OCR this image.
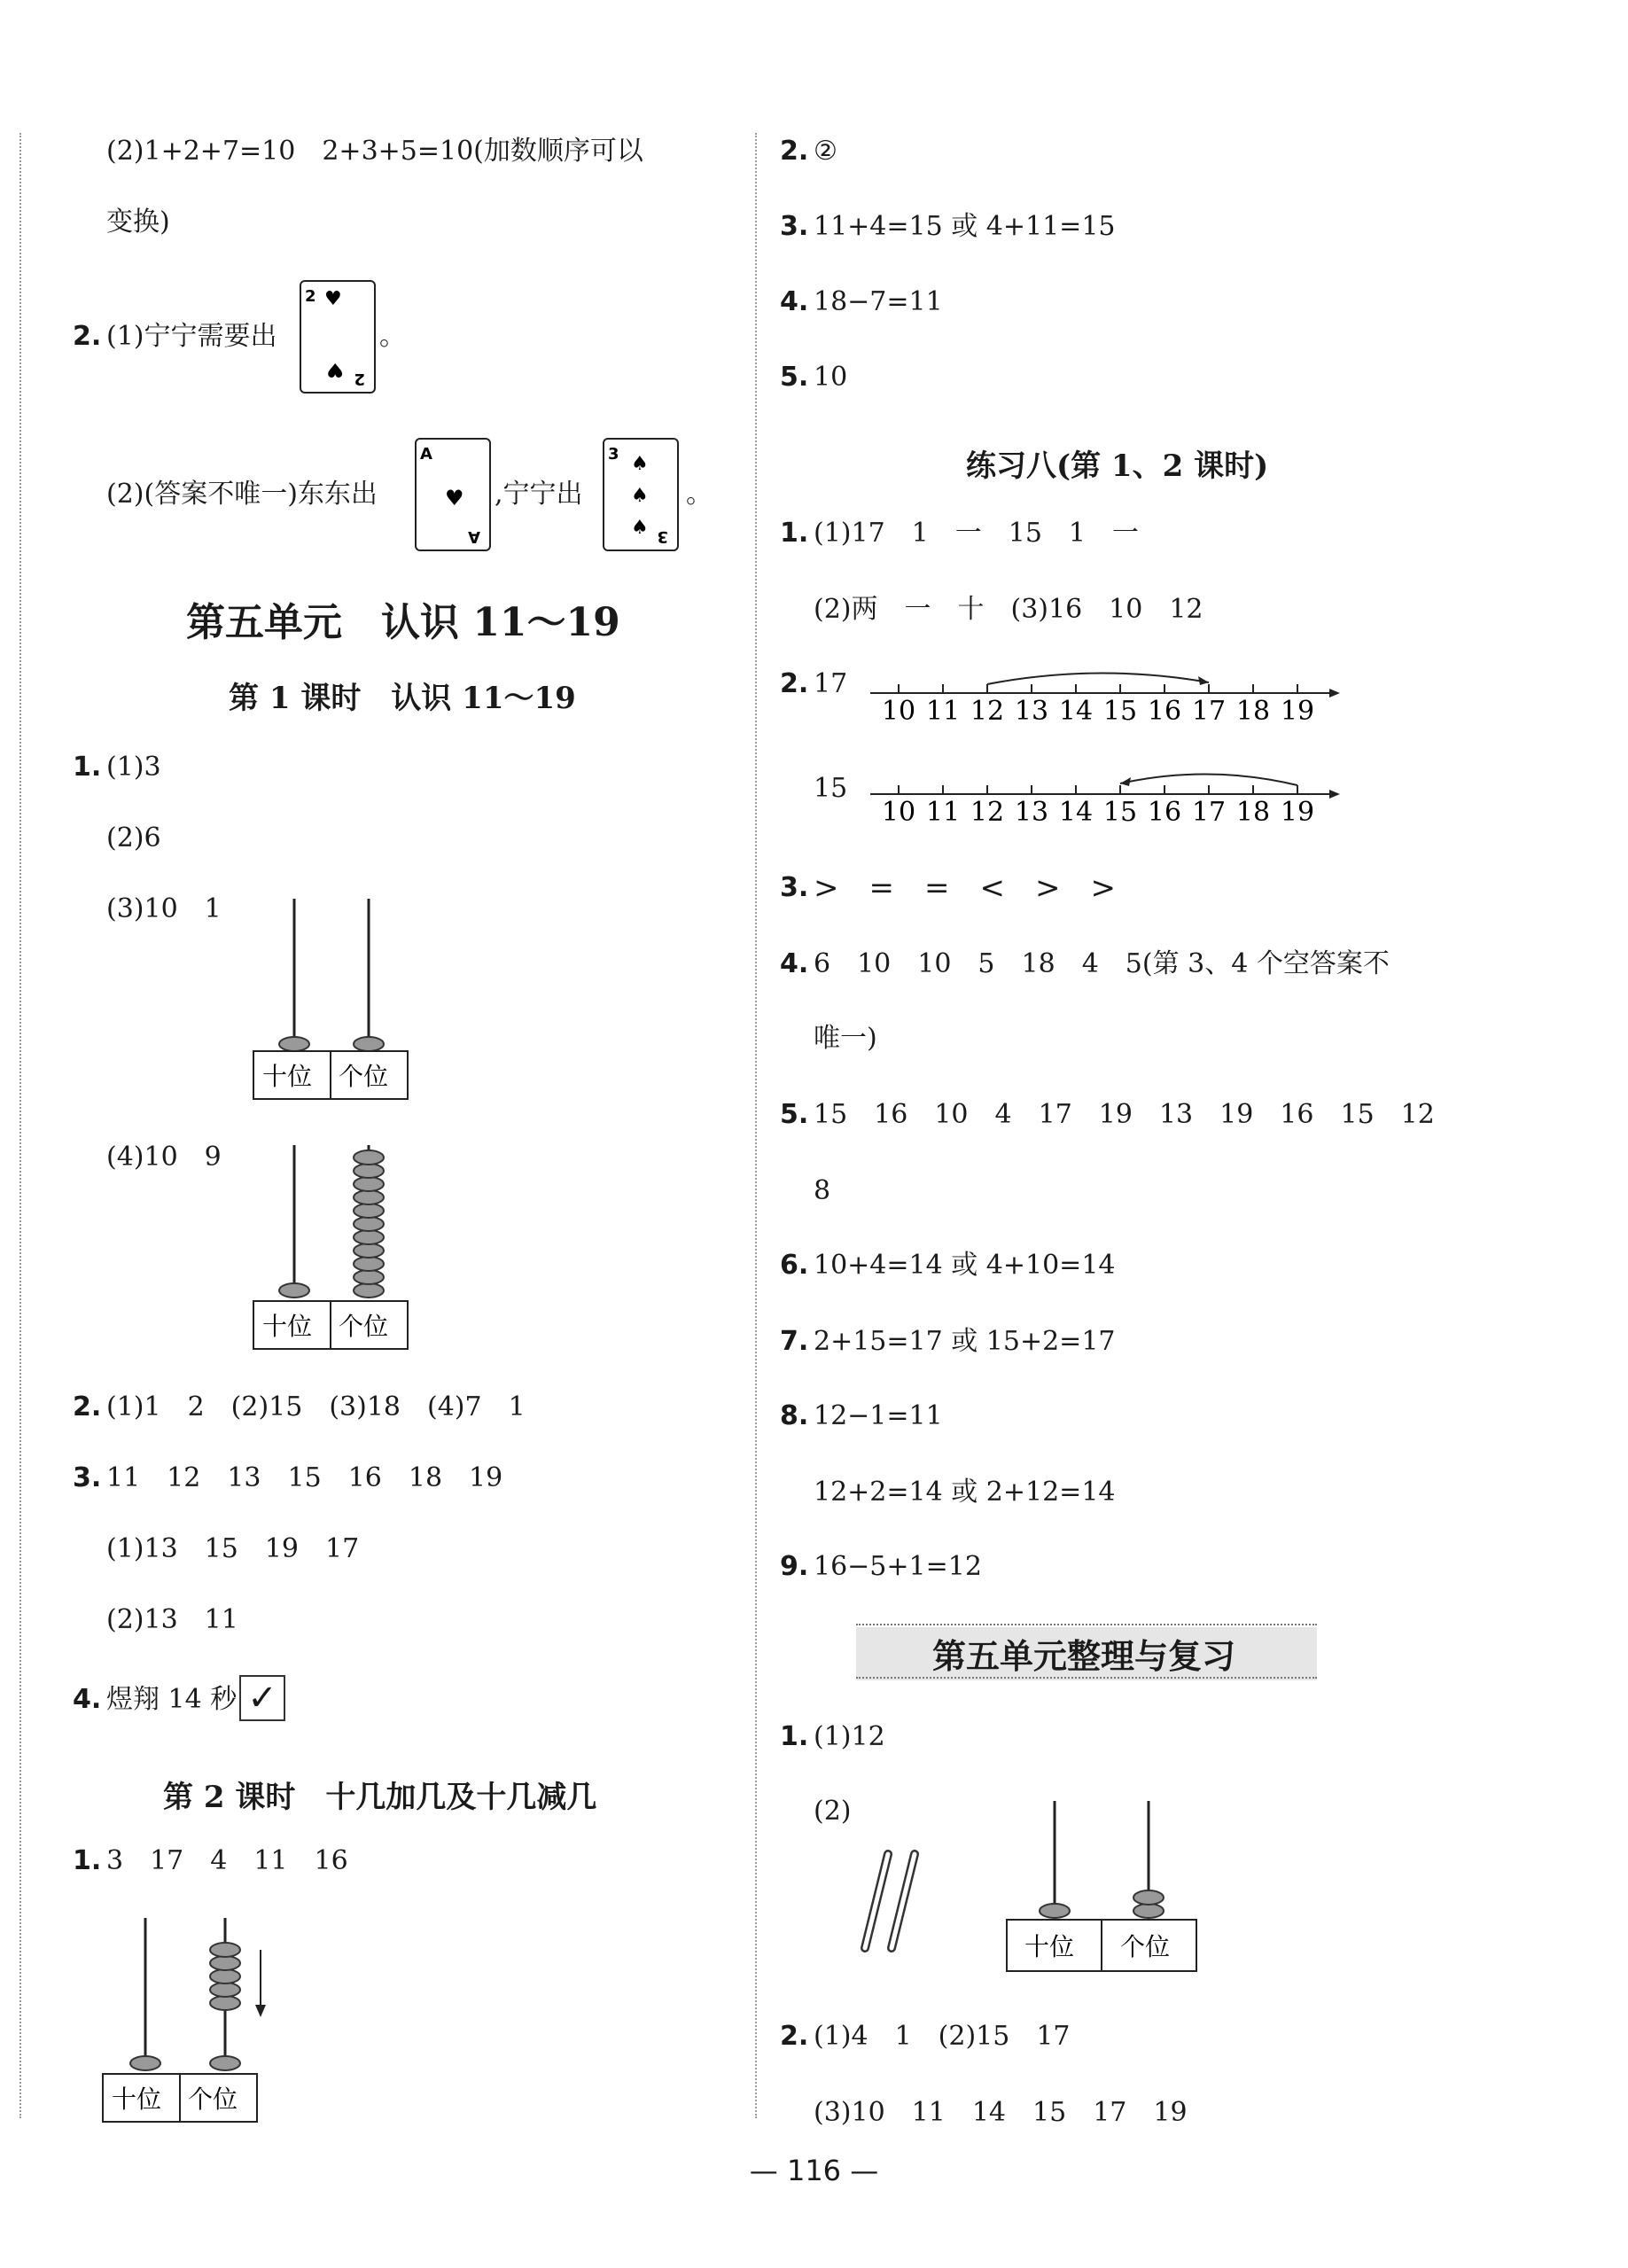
(2)1+2+7=10　2+3+5=10(加数顺序可以
变换)
2. (1)宁宁需要出
2 ♥
♥ 2
。
(2)(答案不唯一)东东出
A
♥
A
,宁宁出
3 ♠
♠
♠ 3
。
第五单元　认识 11～19
第 1 课时　认识 11～19
1. (1)3
(2)6
(3)10　1
十位 个位
(4)10　9
十位 个位
2. (1)1　2　(2)15　(3)18　(4)7　1
3. 11　12　13　15　16　18　19
(1)13　15　19　17
(2)13　11
4. 煜翔 14 秒 ✓
第 2 课时　十几加几及十几减几
1. 3　17　4　11　16
十位 个位
2. ②
3. 11+4=15 或 4+11=15
4. 18−7=11
5. 10
练习八(第 1、2 课时)
1. (1)17　1　一　15　1　一
(2)两　一　十　(3)16　10　12
2. 17
10 11 12 13 14 15 16 17 18 19
15
10 11 12 13 14 15 16 17 18 19
3. >　=　=　<　>　>
4. 6　10　10　5　18　4　5(第 3、4 个空答案不
唯一)
5. 15　16　10　4　17　19　13　19　16　15　12
8
6. 10+4=14 或 4+10=14
7. 2+15=17 或 15+2=17
8. 12−1=11
12+2=14 或 2+12=14
9. 16−5+1=12
第五单元整理与复习
1. (1)12
(2)
十位 个位
2. (1)4　1　(2)15　17
(3)10　11　14　15　17　19
— 116 —
